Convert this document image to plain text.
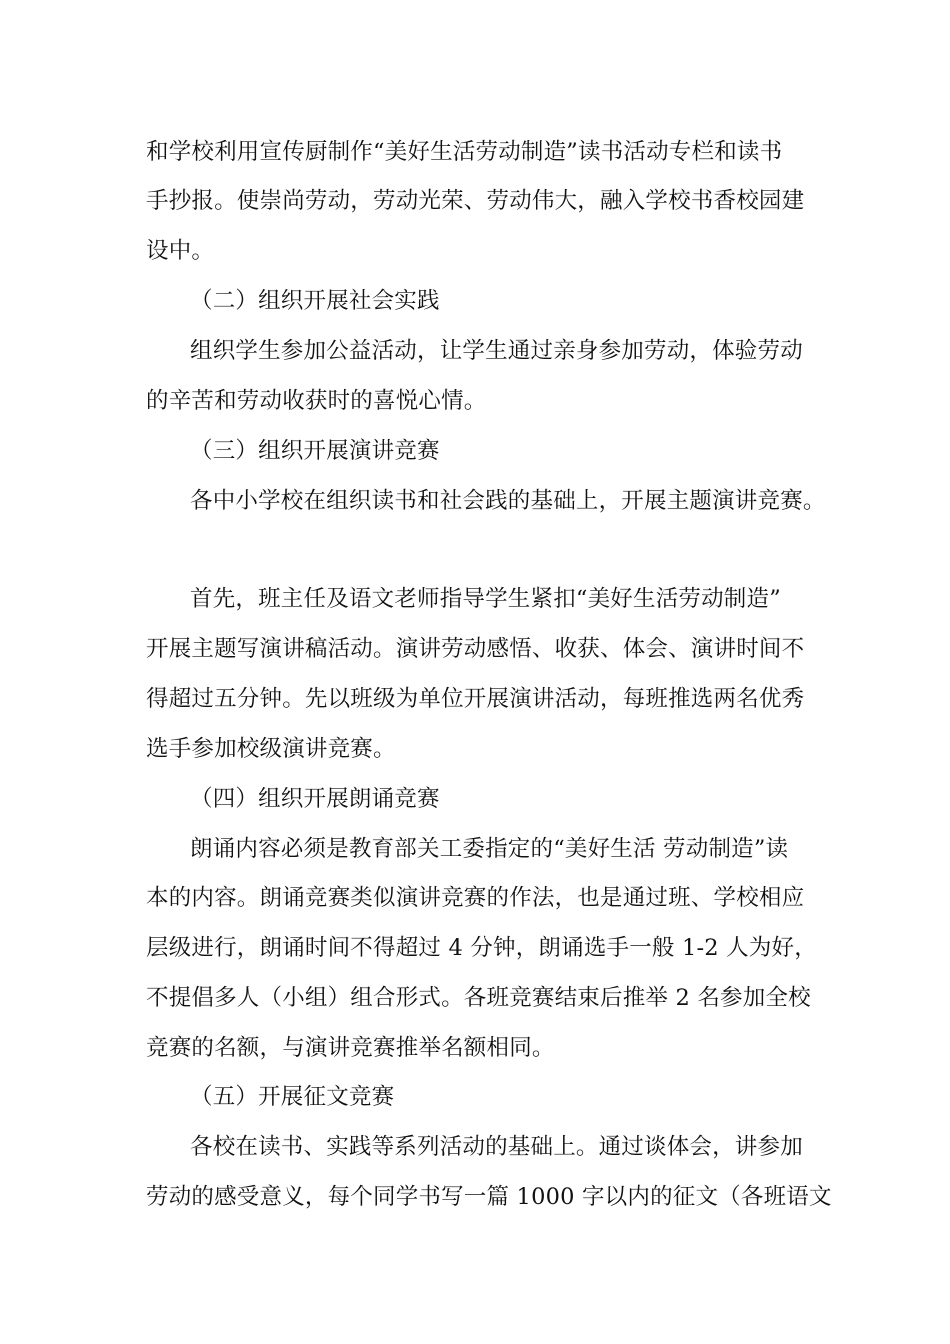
和学校利用宣传厨制作“美好生活劳动制造”读书活动专栏和读书
手抄报。使崇尚劳动，劳动光荣、劳动伟大，融入学校书香校园建
设中。
（二）组织开展社会实践
组织学生参加公益活动，让学生通过亲身参加劳动，体验劳动
的辛苦和劳动收获时的喜悦心情。
（三）组织开展演讲竞赛
各中小学校在组织读书和社会践的基础上，开展主题演讲竞赛。
首先，班主任及语文老师指导学生紧扣“美好生活劳动制造”
开展主题写演讲稿活动。演讲劳动感悟、收获、体会、演讲时间不
得超过五分钟。先以班级为单位开展演讲活动，每班推选两名优秀
选手参加校级演讲竞赛。
（四）组织开展朗诵竞赛
朗诵内容必须是教育部关工委指定的“美好生活 劳动制造”读
本的内容。朗诵竞赛类似演讲竞赛的作法，也是通过班、学校相应
层级进行，朗诵时间不得超过 4 分钟，朗诵选手一般 1-2 人为好，
不提倡多人（小组）组合形式。各班竞赛结束后推举 2 名参加全校
竞赛的名额，与演讲竞赛推举名额相同。
（五）开展征文竞赛
各校在读书、实践等系列活动的基础上。通过谈体会，讲参加
劳动的感受意义，每个同学书写一篇 1000 字以内的征文（各班语文
